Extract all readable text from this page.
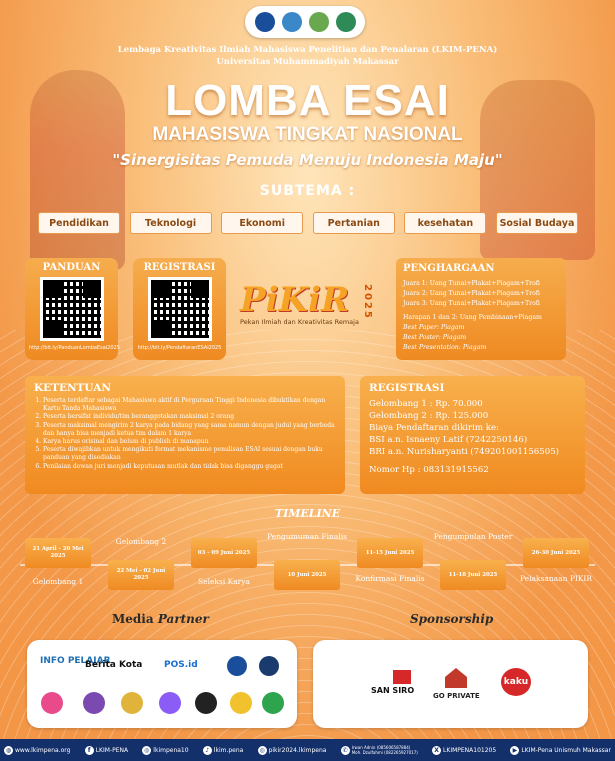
Lembaga Kreativitas Ilmiah Mahasiswa Penelitian dan Penalaran (LKIM-PENA)
Universitas Muhammadiyah Makassar
LOMBA ESAI
MAHASISWA TINGKAT NASIONAL
"Sinergisitas Pemuda Menuju Indonesia Maju"
SUBTEMA :
Pendidikan	Teknologi	Ekonomi	Pertanian	kesehatan	Sosial Budaya
PANDUAN
http://bit.ly/PanduanLombaEsai2025
REGISTRASI
http://bit.ly/PendaftaranESAI2025
PiKiR	2025
Pekan Ilmiah dan Kreativitas Remaja
PENGHARGAAN

Juara 1: Uang Tunai+Plakat+Piagam+Trofi

Juara 2: Uang Tunai+Plakat+Piagam+Trofi

Juara 3: Uang Tunai+Plakat+Piagam+Trofi

Harapan 1 dan 2: Uang Pembinaan+Piagam

Best Paper: Piagam

Best Poster: Piagam

Best Presentation: Piagam

KETENTUAN
1. Peserta terdaftar sebagai Mahasiswa aktif di Perguruan Tinggi Indonesia dibuktikan dengan Kartu Tanda Mahasiswa
2. Peserta bersifat individu/tim beranggotakan maksimal 2 orang
3. Peserta maksimal mengirim 2 karya pada bidang yang sama namun dengan judul yang berbeda dan hanya bisa menjadi ketua tim dalam 1 karya
4. Karya harus orisinal dan belum di publish di manapun
5. Peserta diwajibkan untuk mengikuti format mekanisme penulisan ESAI sesuai dengan buku panduan yang disediakan
6. Penilaian dewan juri menjadi keputusan mutlak dan tidak bisa diganggu gugat
REGISTRASI

Gelombang 1 : Rp. 70.000

Gelombang 2 : Rp. 125.000

Biaya Pendaftaran dikirim ke:

BSI a.n. Isnaeny Latif (7242250146)

BRI a.n. Nurisharyanti (749201001156505)

Nomor Hp : 083131915562

TIMELINE
21 April - 20 Mei 2025
Gelombang 1
22 Mei - 02 Juni 2025
Gelombang 2
03 - 09 Juni 2025
Seleksi Karya
10 Juni 2025
Pengumuman Finalis
11-15 Juni 2025
Konfirmasi Finalis	11-18 Juni 2025
Pengumpulan Poster
26-30 Juni 2025
Pelaksanaan PIKIR
Media Partner	Sponsorship
INFO PELAJAR
Berita Kota POS.id
SAN SIRO
GO PRIVATE
kaku
◍ www.lkimpena.org	f LKIM-PENA	◎ lkimpena10	♪ lkim.pena	◎ pikir2024.lkimpena	✆ Irwan Adnin (085606587884)
Moh. Dzulfahmi (082265927017)	X LKIMPENA101205	▶ LKIM-Pena Unismuh Makassar
